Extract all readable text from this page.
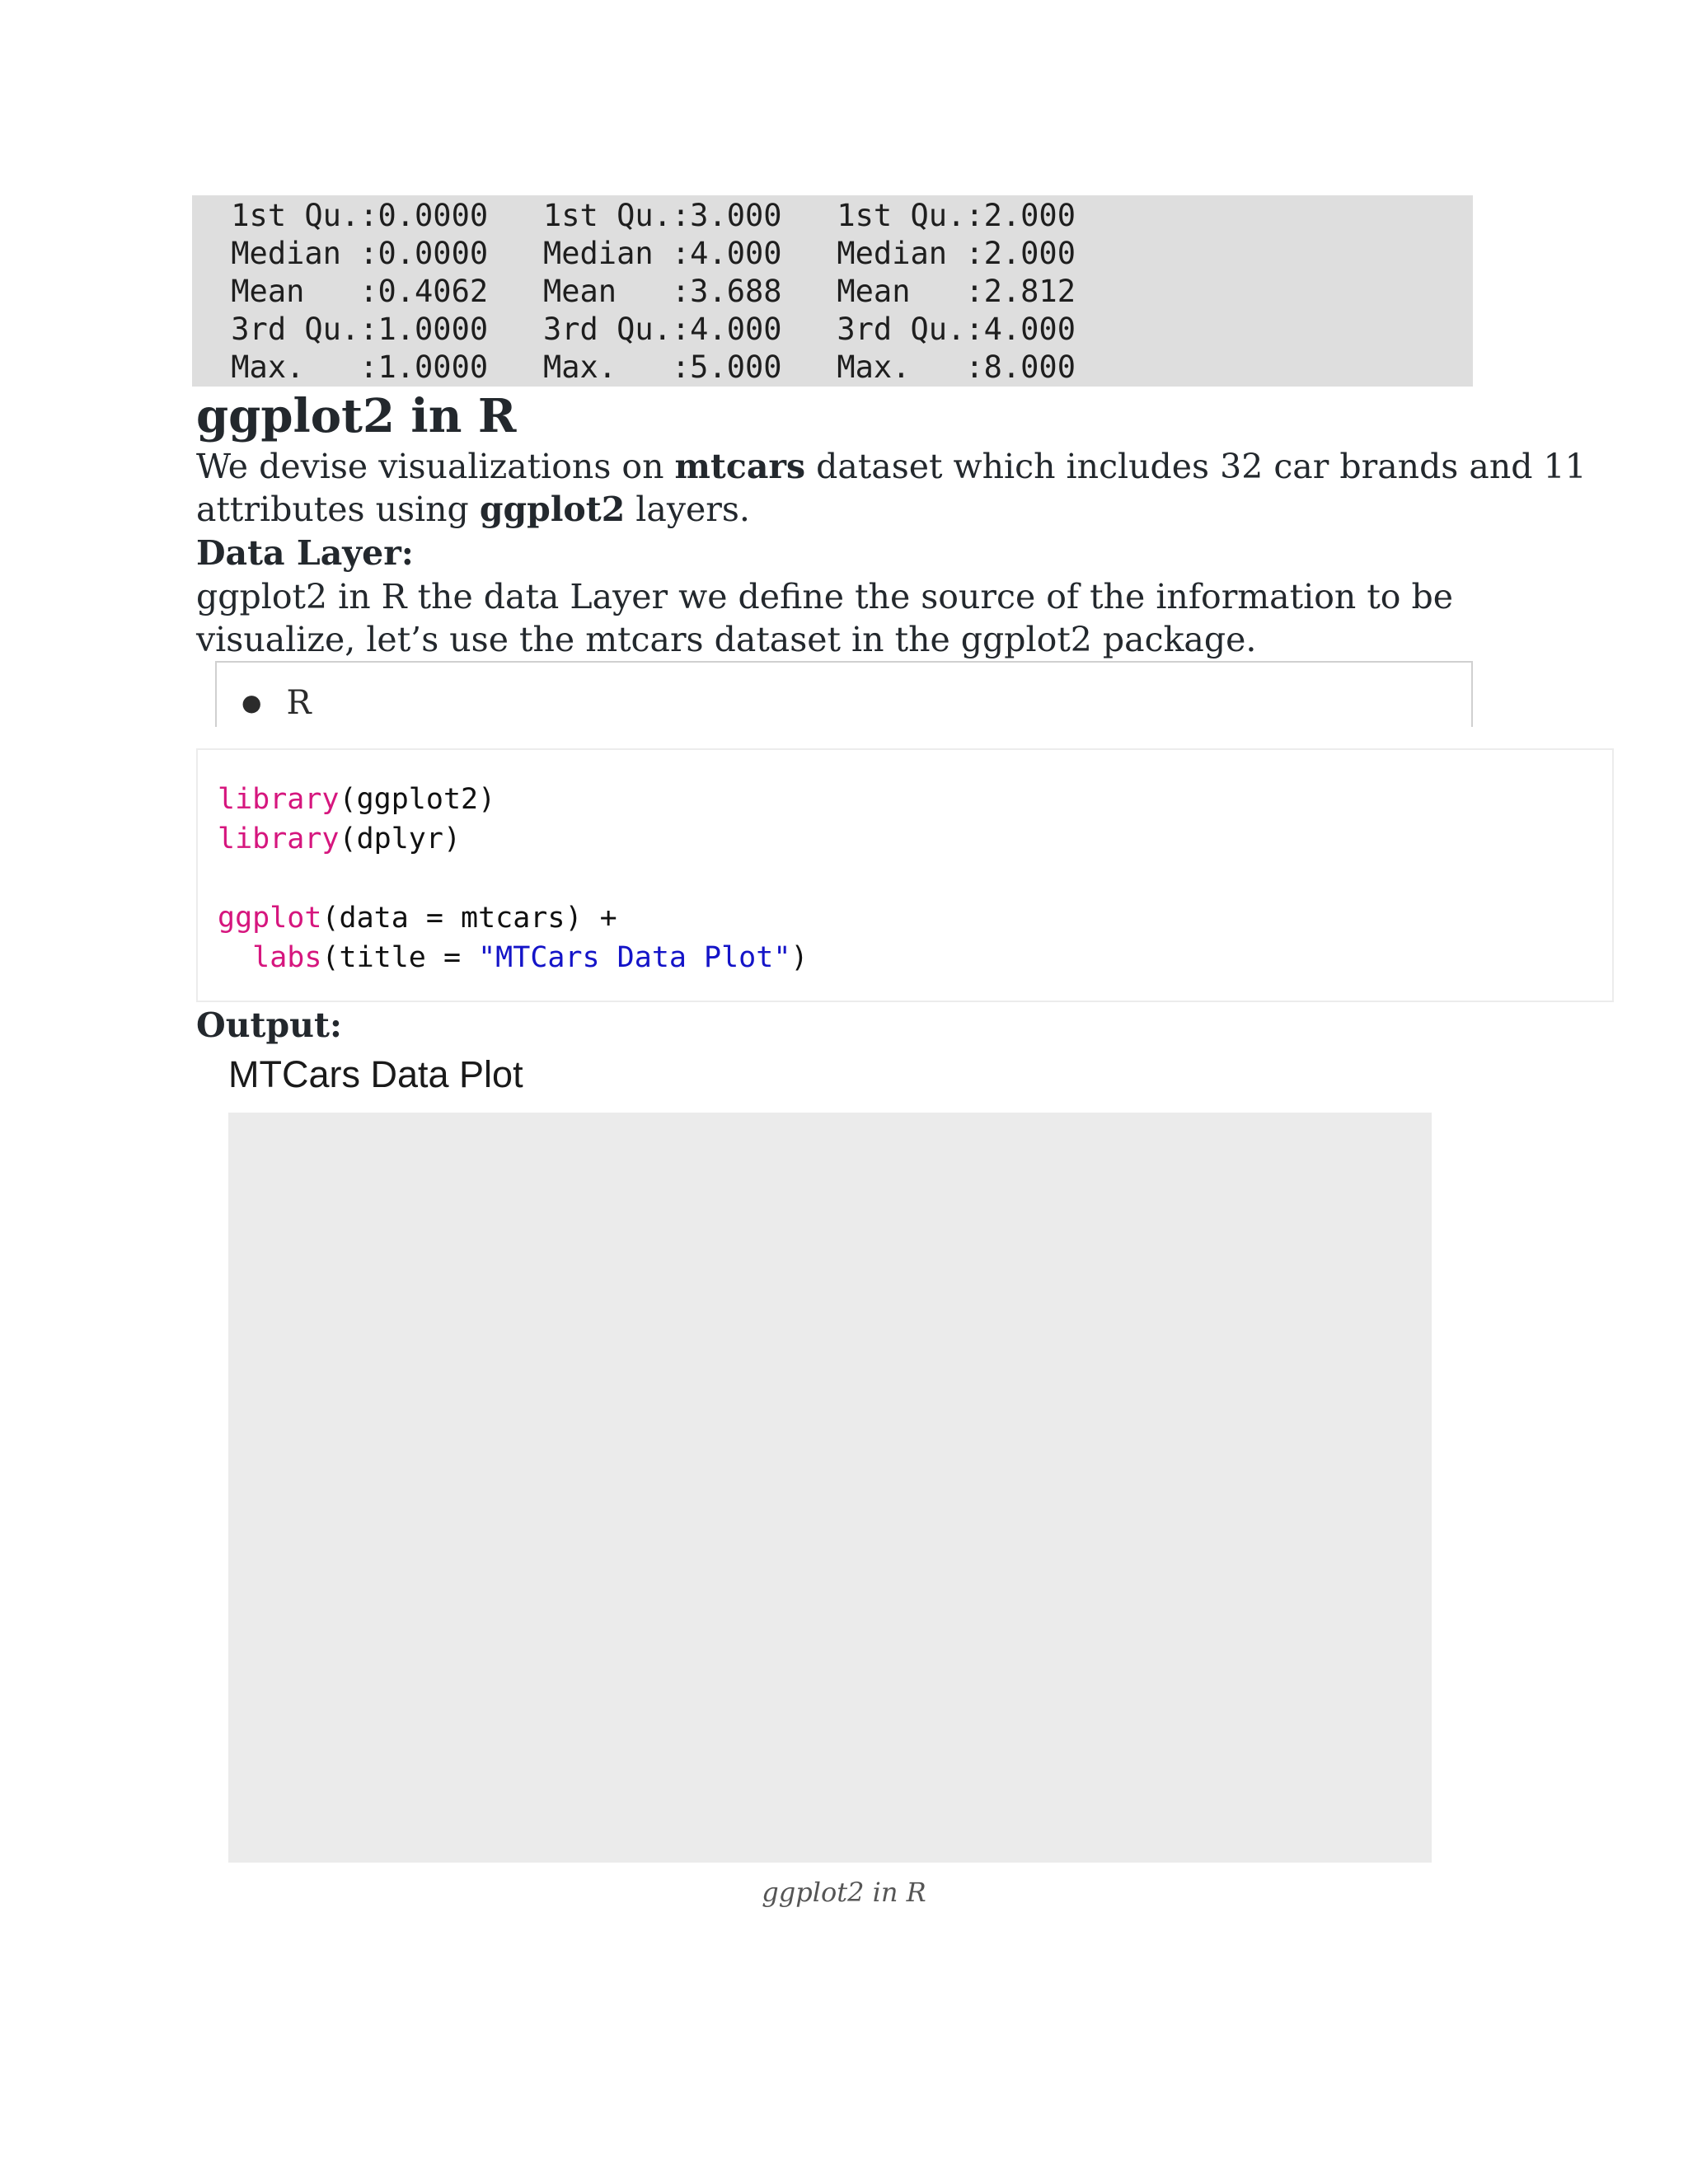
1st Qu.:0.0000   1st Qu.:3.000   1st Qu.:2.000

Median :0.0000   Median :4.000   Median :2.000

Mean   :0.4062   Mean   :3.688   Mean   :2.812

3rd Qu.:1.0000   3rd Qu.:4.000   3rd Qu.:4.000

Max.   :1.0000   Max.   :5.000   Max.   :8.000

ggplot2 in R

We devise visualizations on mtcars dataset which includes 32 car brands and 11

attributes using ggplot2 layers.

Data Layer:

ggplot2 in R the data Layer we define the source of the information to be

visualize, let’s use the mtcars dataset in the ggplot2 package.

● R

library(ggplot2)

library(dplyr)

ggplot(data = mtcars) +

labs(title = "MTCars Data Plot")

Output:

MTCars Data Plot

ggplot2 in R
